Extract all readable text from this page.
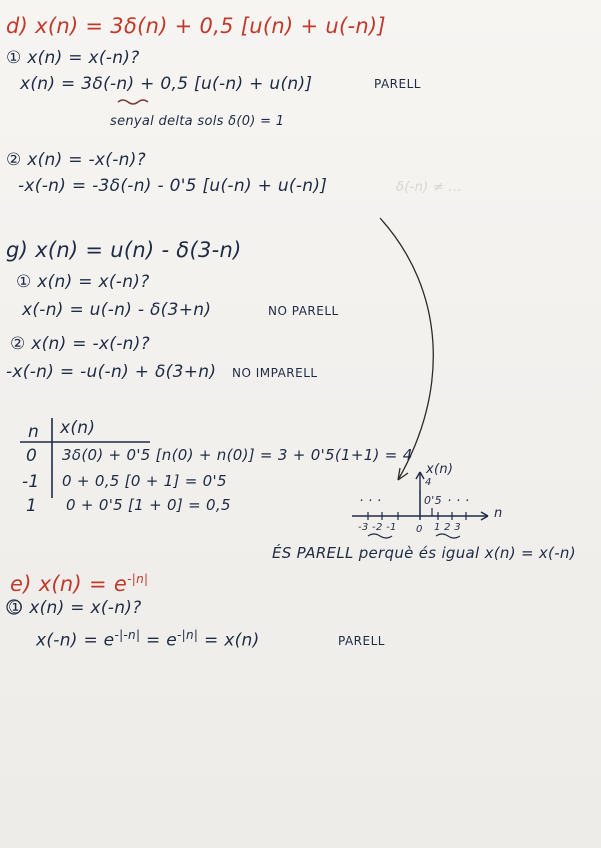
d) x(n) = 3δ(n) + 0,5 [u(n) + u(-n)]
① x(n) = x(-n)?
x(n) = 3δ(-n) + 0,5 [u(-n) + u(n)]	PARELL
senyal delta sols δ(0) = 1
② x(n) = -x(-n)?
-x(-n) = -3δ(-n) - 0'5 [u(-n) + u(-n)]	δ(-n) ≠ ...
g) x(n) = u(n) - δ(3-n)
① x(n) = x(-n)?
x(-n) = u(-n) - δ(3+n)	NO PARELL
② x(n) = -x(-n)?
-x(-n) = -u(-n) + δ(3+n) NO IMPARELL
n x(n)
0 3δ(0) + 0'5 [n(0) + n(0)] = 3 + 0'5(1+1) = 4
-1 0 + 0,5 [0 + 1] = 0'5
1 0 + 0'5 [1 + 0] = 0,5
x(n)
4
0'5
n
. . .	. . .
-3 -2 -1 0 1 2 3
ÉS PARELL perquè és igual x(n) = x(-n)
e) $x(n) = e^{-|n|}$
① x(n) = x(-n)?
$x(-n) = e^{-|-n|} = e^{-|n|} = x(n)$	PARELL
